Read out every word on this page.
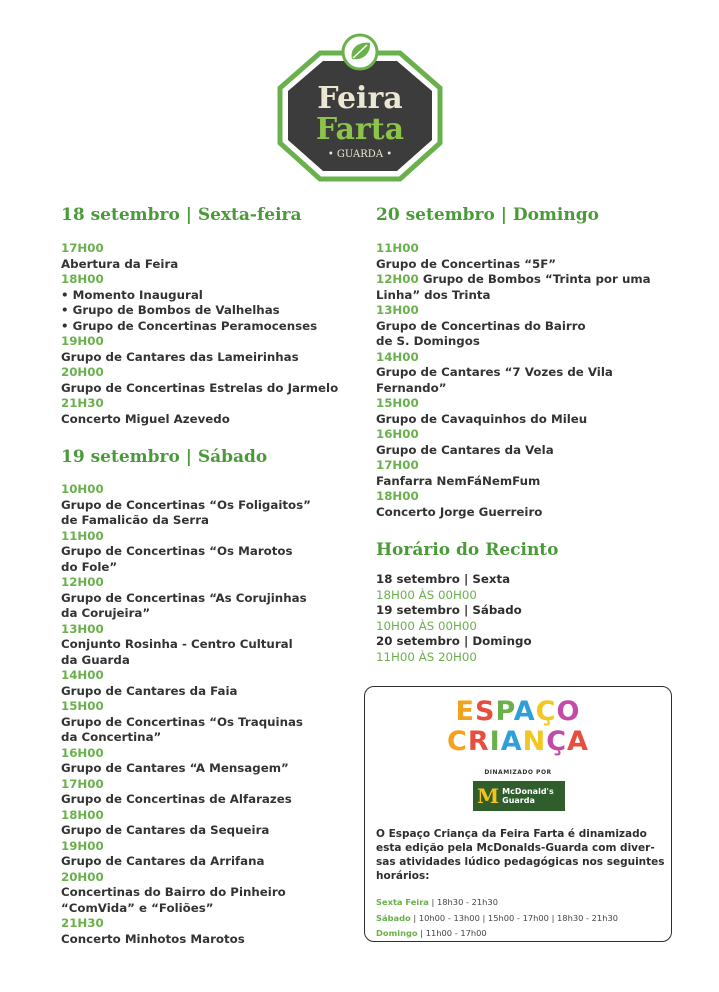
Feira
Farta
• GUARDA •
18 setembro | Sexta-feira
17H00
Abertura da Feira
18H00
• Momento Inaugural
• Grupo de Bombos de Valhelhas
• Grupo de Concertinas Peramocenses
19H00
Grupo de Cantares das Lameirinhas
20H00
Grupo de Concertinas Estrelas do Jarmelo
21H30
Concerto Miguel Azevedo
19 setembro | Sábado
10H00
Grupo de Concertinas “Os Foligaitos”
de Famalicão da Serra
11H00
Grupo de Concertinas “Os Marotos
do Fole”
12H00
Grupo de Concertinas “As Corujinhas
da Corujeira”
13H00
Conjunto Rosinha - Centro Cultural
da Guarda
14H00
Grupo de Cantares da Faia
15H00
Grupo de Concertinas “Os Traquinas
da Concertina”
16H00
Grupo de Cantares “A Mensagem”
17H00
Grupo de Concertinas de Alfarazes
18H00
Grupo de Cantares da Sequeira
19H00
Grupo de Cantares da Arrifana
20H00
Concertinas do Bairro do Pinheiro
“ComVida” e “Foliões”
21H30
Concerto Minhotos Marotos
20 setembro | Domingo
11H00
Grupo de Concertinas “5F”
12H00 Grupo de Bombos “Trinta por uma
Linha” dos Trinta
13H00
Grupo de Concertinas do Bairro
de S. Domingos
14H00
Grupo de Cantares “7 Vozes de Vila
Fernando”
15H00
Grupo de Cavaquinhos do Mileu
16H00
Grupo de Cantares da Vela
17H00
Fanfarra NemFáNemFum
18H00
Concerto Jorge Guerreiro
Horário do Recinto
18 setembro | Sexta
18H00 ÀS 00H00
19 setembro | Sábado
10H00 ÀS 00H00
20 setembro | Domingo
11H00 ÀS 20H00
ESPAÇO
CRIANÇA
DINAMIZADO POR
M McDonald's
Guarda
O Espaço Criança da Feira Farta é dinamizado
esta edição pela McDonalds-Guarda com diver-
sas atividades lúdico pedagógicas nos seguintes
horários:
Sexta Feira | 18h30 - 21h30
Sábado | 10h00 - 13h00 | 15h00 - 17h00 | 18h30 - 21h30
Domingo | 11h00 - 17h00
